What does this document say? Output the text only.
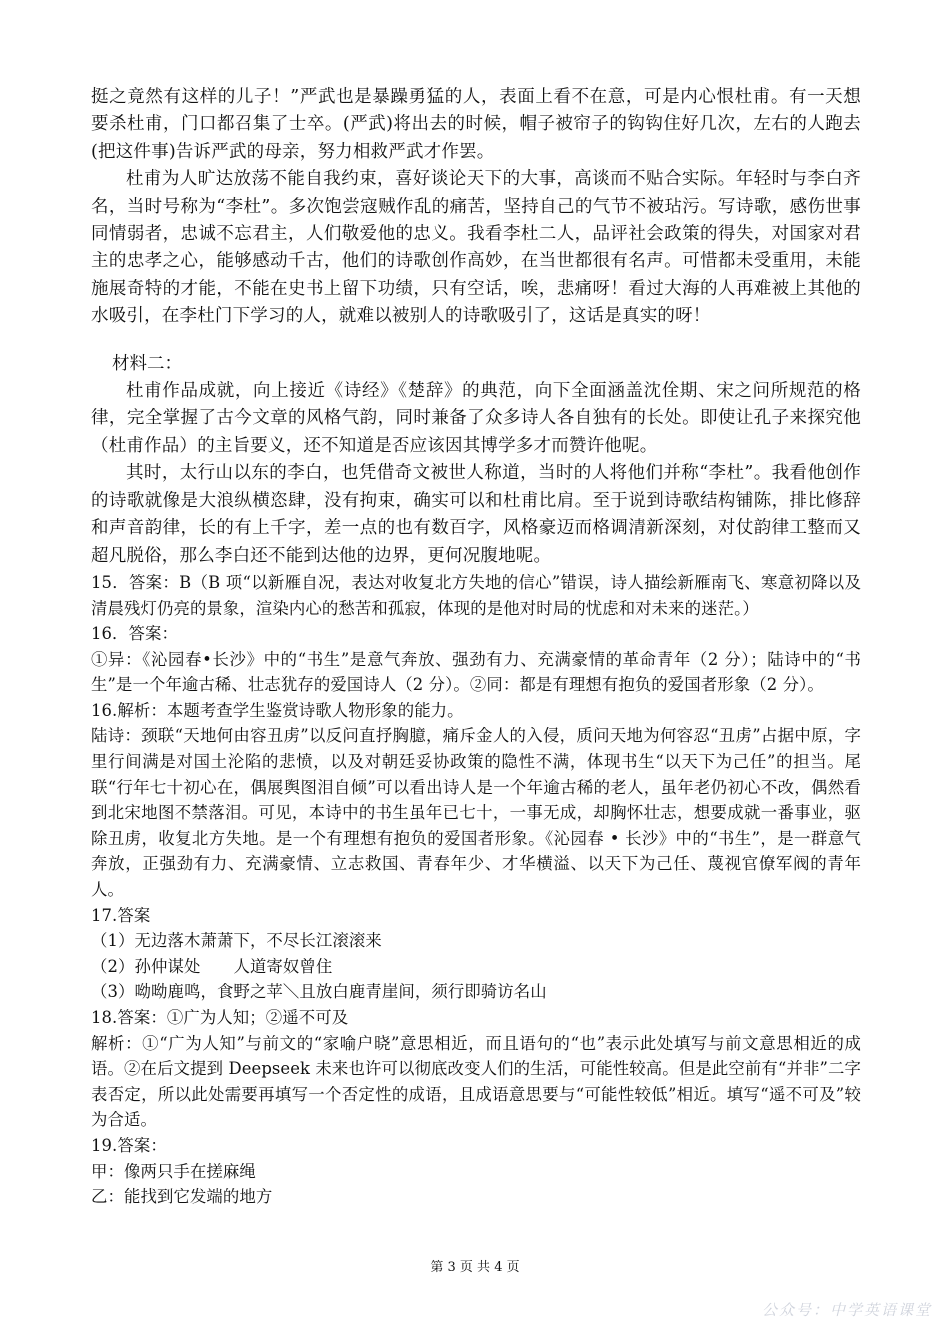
挺之竟然有这样的儿子！”严武也是暴躁勇猛的人，表面上看不在意，可是内心恨杜甫。有一天想要杀杜甫，门口都召集了士卒。(严武)将出去的时候，帽子被帘子的钩钩住好几次，左右的人跑去(把这件事)告诉严武的母亲，努力相救严武才作罢。

杜甫为人旷达放荡不能自我约束，喜好谈论天下的大事，高谈而不贴合实际。年轻时与李白齐名，当时号称为“李杜”。多次饱尝寇贼作乱的痛苦，坚持自己的气节不被玷污。写诗歌，感伤世事同情弱者，忠诚不忘君主，人们敬爱他的忠义。我看李杜二人，品评社会政策的得失，对国家对君主的忠孝之心，能够感动千古，他们的诗歌创作高妙，在当世都很有名声。可惜都未受重用，未能施展奇特的才能，不能在史书上留下功绩，只有空话，唉，悲痛呀！看过大海的人再难被上其他的水吸引，在李杜门下学习的人，就难以被别人的诗歌吸引了，这话是真实的呀！

材料二：

杜甫作品成就，向上接近《诗经》《楚辞》的典范，向下全面涵盖沈佺期、宋之问所规范的格律，完全掌握了古今文章的风格气韵，同时兼备了众多诗人各自独有的长处。即使让孔子来探究他（杜甫作品）的主旨要义，还不知道是否应该因其博学多才而赞许他呢。

其时，太行山以东的李白，也凭借奇文被世人称道，当时的人将他们并称“李杜”。我看他创作的诗歌就像是大浪纵横恣肆，没有拘束，确实可以和杜甫比肩。至于说到诗歌结构铺陈，排比修辞和声音韵律，长的有上千字，差一点的也有数百字，风格豪迈而格调清新深刻，对仗韵律工整而又超凡脱俗，那么李白还不能到达他的边界，更何况腹地呢。

15．答案：B（B 项“以新雁自况，表达对收复北方失地的信心”错误，诗人描绘新雁南飞、寒意初降以及清晨残灯仍亮的景象，渲染内心的愁苦和孤寂，体现的是他对时局的忧虑和对未来的迷茫。）

16．答案：

①异：《沁园春•长沙》中的“书生”是意气奔放、强劲有力、充满豪情的革命青年（2 分）；陆诗中的“书生”是一个年逾古稀、壮志犹存的爱国诗人（2 分）。②同：都是有理想有抱负的爱国者形象（2 分）。

16.解析：本题考查学生鉴赏诗歌人物形象的能力。

陆诗：颈联“天地何由容丑虏”以反问直抒胸臆，痛斥金人的入侵，质问天地为何容忍“丑虏”占据中原，字里行间满是对国土沦陷的悲愤，以及对朝廷妥协政策的隐性不满，体现书生“以天下为己任”的担当。尾联“行年七十初心在，偶展舆图泪自倾”可以看出诗人是一个年逾古稀的老人，虽年老仍初心不改，偶然看到北宋地图不禁落泪。可见，本诗中的书生虽年已七十，一事无成，却胸怀壮志，想要成就一番事业，驱除丑虏，收复北方失地。是一个有理想有抱负的爱国者形象。《沁园春 • 长沙》中的“书生”，是一群意气奔放，正强劲有力、充满豪情、立志救国、青春年少、才华横溢、以天下为己任、蔑视官僚军阀的青年人。

17.答案

（1）无边落木萧萧下，不尽长江滚滚来

（2）孙仲谋处　　人道寄奴曾住

（3）呦呦鹿鸣，食野之苹＼且放白鹿青崖间，须行即骑访名山

18.答案：①广为人知；②遥不可及

解析：①“广为人知”与前文的“家喻户晓”意思相近，而且语句的“也”表示此处填写与前文意思相近的成语。②在后文提到 Deepseek 未来也许可以彻底改变人们的生活，可能性较高。但是此空前有“并非”二字表否定，所以此处需要再填写一个否定性的成语，且成语意思要与“可能性较低”相近。填写“遥不可及”较为合适。

19.答案：

甲：像两只手在搓麻绳

乙：能找到它发端的地方

第 3 页 共 4 页
公众号：中学英语课堂
